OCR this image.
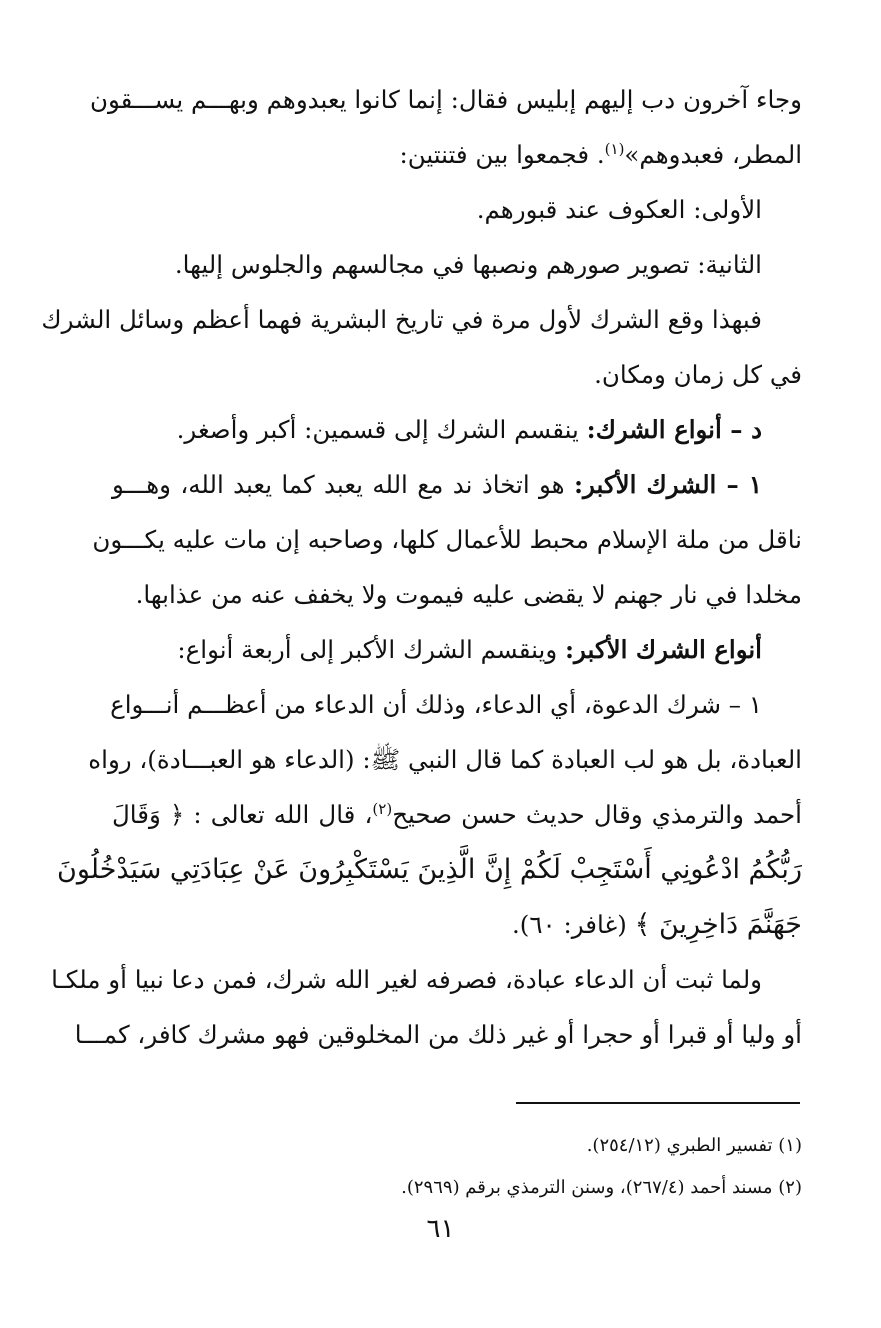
وجاء آخرون دب إليهم إبليس فقال: إنما كانوا يعبدوهم وبهـــم يســـقون
المطر، فعبدوهم»$^{(١)}$. فجمعوا بين فتنتين:
الأولى: العكوف عند قبورهم.
الثانية: تصوير صورهم ونصبها في مجالسهم والجلوس إليها.
فبهذا وقع الشرك لأول مرة في تاريخ البشرية فهما أعظم وسائل الشرك
في كل زمان ومكان.
د – أنواع الشرك: ينقسم الشرك إلى قسمين: أكبر وأصغر.
١ – الشرك الأكبر: هو اتخاذ ند مع الله يعبد كما يعبد الله، وهـــو
ناقل من ملة الإسلام محبط للأعمال كلها، وصاحبه إن مات عليه يكـــون
مخلدا في نار جهنم لا يقضى عليه فيموت ولا يخفف عنه من عذابها.
أنواع الشرك الأكبر: وينقسم الشرك الأكبر إلى أربعة أنواع:
١ – شرك الدعوة، أي الدعاء، وذلك أن الدعاء من أعظـــم أنـــواع
العبادة، بل هو لب العبادة كما قال النبي ﷺ: (الدعاء هو العبـــادة)، رواه
أحمد والترمذي وقال حديث حسن صحيح$^{(٢)}$، قال الله تعالى : ﴿ وَقَالَ
رَبُّكُمُ ادْعُونِي أَسْتَجِبْ لَكُمْ إِنَّ الَّذِينَ يَسْتَكْبِرُونَ عَنْ عِبَادَتِي سَيَدْخُلُونَ
جَهَنَّمَ دَاخِرِينَ ﴾ (غافر: ٦٠).
ولما ثبت أن الدعاء عبادة، فصرفه لغير الله شرك، فمن دعا نبيا أو ملكـا
أو وليا أو قبرا أو حجرا أو غير ذلك من المخلوقين فهو مشرك كافر، كمـــا
(١) تفسير الطبري (٢٥٤/١٢).
(٢) مسند أحمد (٢٦٧/٤)، وسنن الترمذي برقم (٢٩٦٩).
٦١
